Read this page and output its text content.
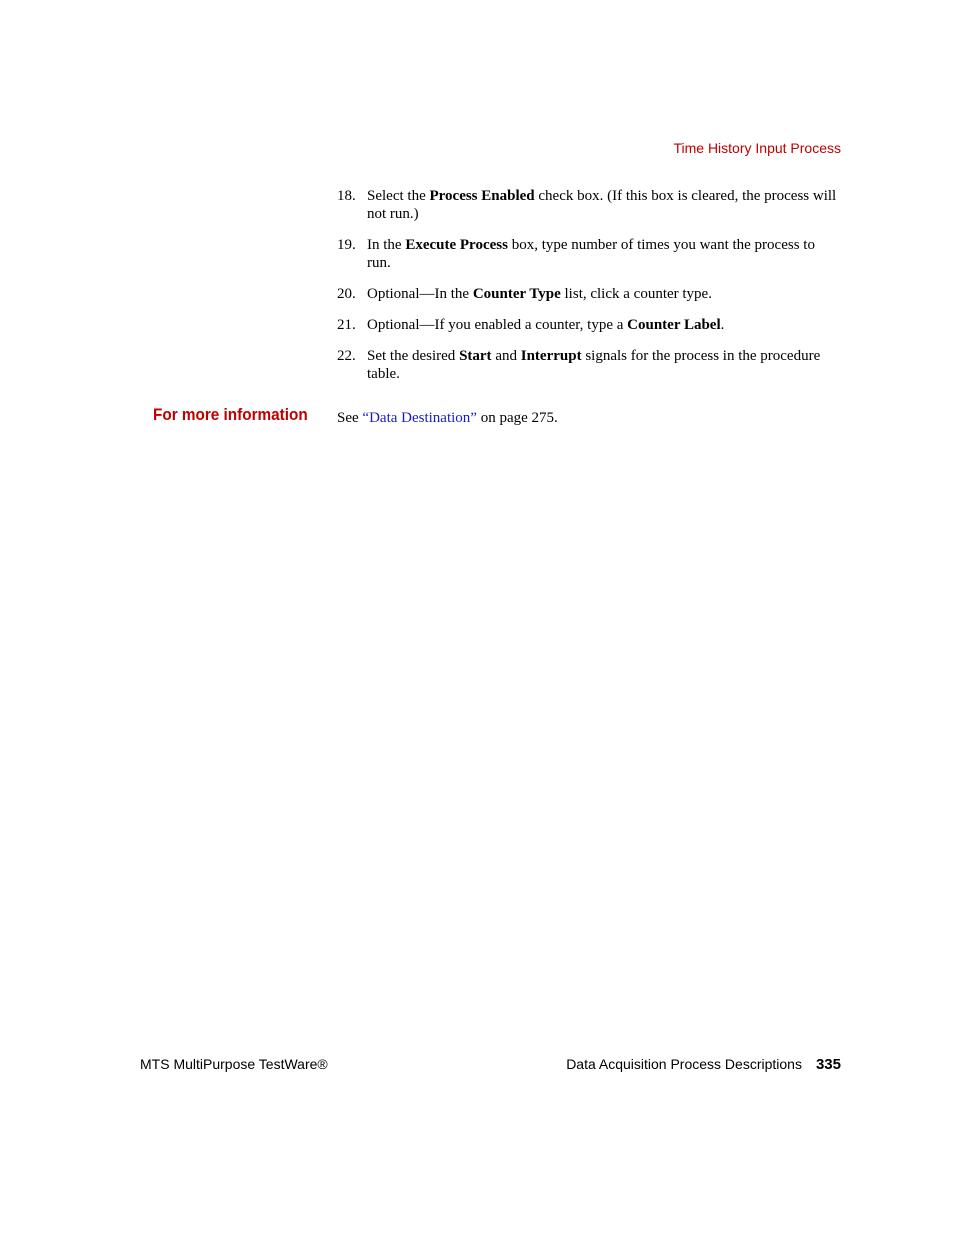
Time History Input Process
18. Select the Process Enabled check box. (If this box is cleared, the process will not run.)
19. In the Execute Process box, type number of times you want the process to run.
20. Optional—In the Counter Type list, click a counter type.
21. Optional—If you enabled a counter, type a Counter Label.
22. Set the desired Start and Interrupt signals for the process in the procedure table.
For more information See “Data Destination” on page 275.
MTS MultiPurpose TestWare®	Data Acquisition Process Descriptions 335
